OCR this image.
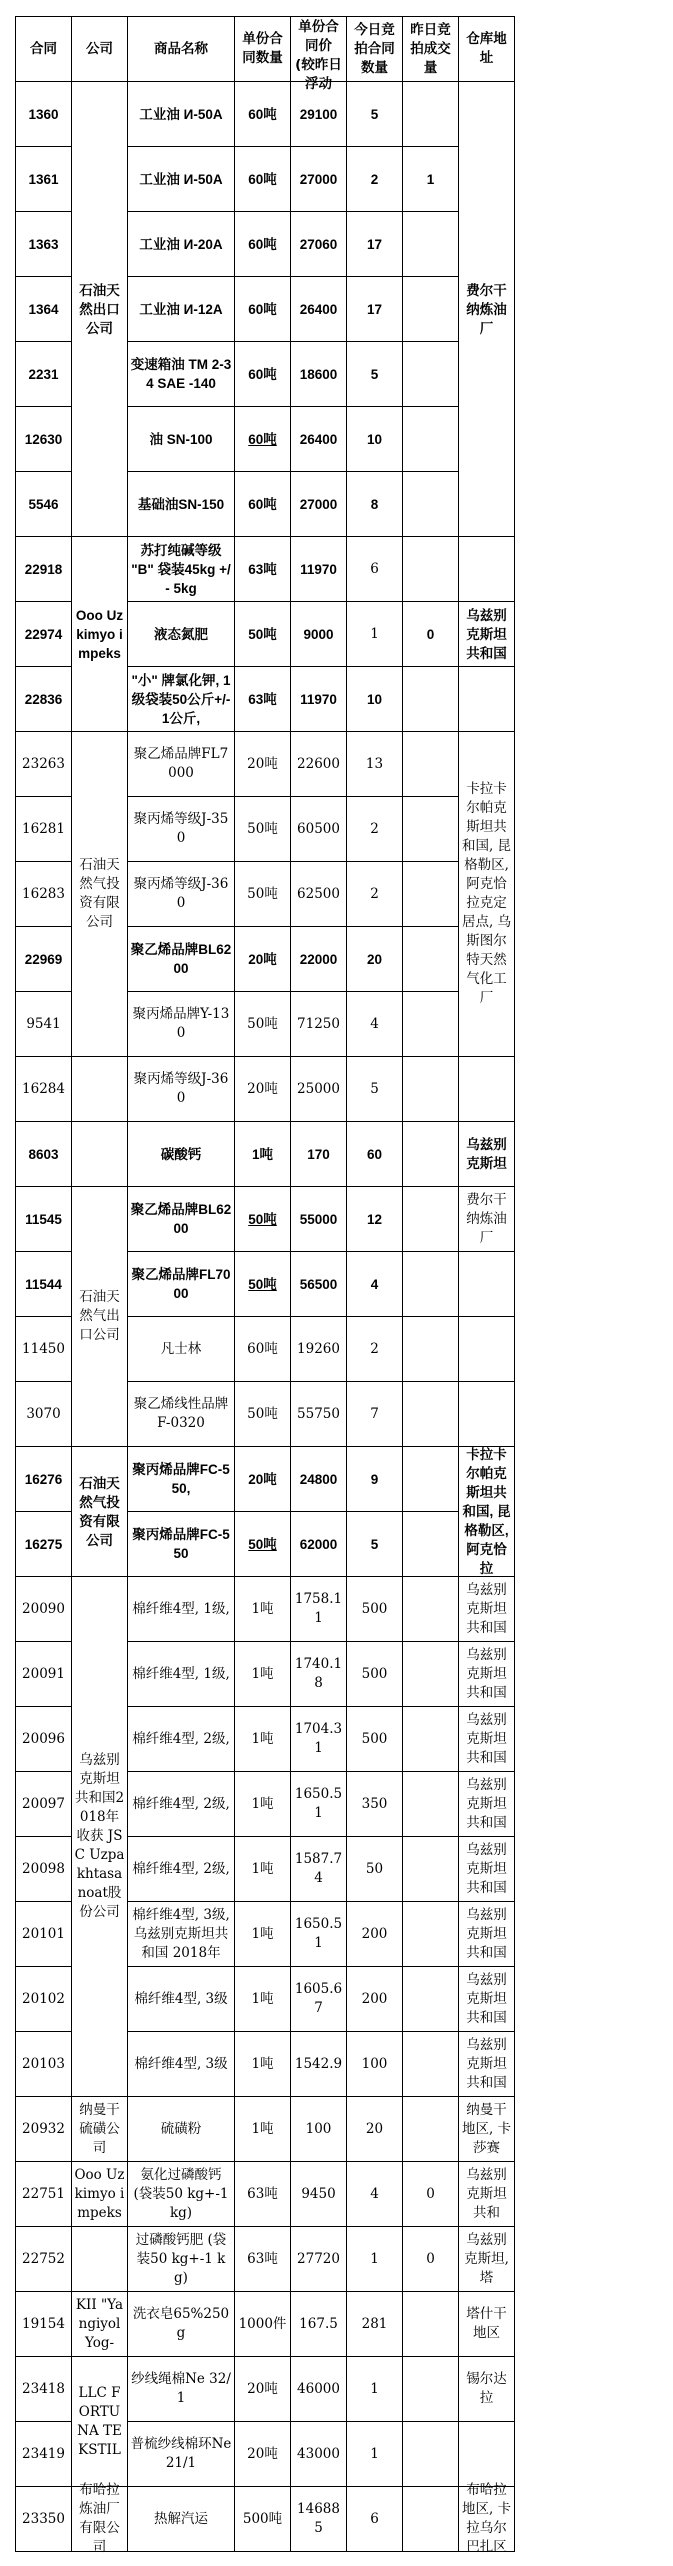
合同	公司	商品名称	单份合同数量	单份合同价 (较昨日浮动	今日竞拍合同数量	昨日竞拍成交量	仓库地址

1360	石油天然出口公司	工业油 И-50A	60吨	29100	5		费尔干纳炼油厂

1361		工业油 И-50A	60吨	27000	2	1	

1363		工业油 И-20A	60吨	27060	17		

1364		工业油 И-12A	60吨	26400	17		

2231		变速箱油 TM 2-34 SAE -140	60吨	18600	5		

12630		油 SN-100	60吨	26400	10		

5546		基础油SN-150	60吨	27000	8		

22918	Ooo Uzkimyo impeks	苏打纯碱等级 "B" 袋装45kg +/- 5kg	63吨	11970	6		

22974		液态氮肥	50吨	9000	1	0	乌兹别克斯坦共和国

22836		"小" 牌氯化钾, 1级袋装50公斤+/- 1公斤,	63吨	11970	10		

23263	石油天然气投资有限公司	聚乙烯品牌FL7000	20吨	22600	13		卡拉卡尔帕克斯坦共和国, 昆格勒区, 阿克恰拉克定居点, 乌斯图尔特天然气化工厂

16281		聚丙烯等级J-350	50吨	60500	2		

16283		聚丙烯等级J-360	50吨	62500	2		

22969		聚乙烯品牌BL6200	20吨	22000	20		

9541		聚丙烯品牌Y-130	50吨	71250	4		

16284		聚丙烯等级J-360	20吨	25000	5		

8603		碳酸钙	1吨	170	60		乌兹别克斯坦

11545	石油天然气出口公司	聚乙烯品牌BL6200	50吨	55000	12		费尔干纳炼油厂

11544		聚乙烯品牌FL7000	50吨	56500	4		

11450		凡士林	60吨	19260	2		

3070		聚乙烯线性品牌F-0320	50吨	55750	7		

16276	石油天然气投资有限公司	聚丙烯品牌FC-550,	20吨	24800	9		卡拉卡尔帕克斯坦共和国, 昆格勒区, 阿克恰拉

16275		聚丙烯品牌FC-550	50吨	62000	5		

20090	乌兹别克斯坦共和国2018年收获 JSC Uzpakhtasanoat股份公司	棉纤维4型, 1级,	1吨	1758.11	500		乌兹别克斯坦共和国

20091		棉纤维4型, 1级,	1吨	1740.18	500		乌兹别克斯坦共和国

20096		棉纤维4型, 2级,	1吨	1704.31	500		乌兹别克斯坦共和国

20097		棉纤维4型, 2级,	1吨	1650.51	350		乌兹别克斯坦共和国

20098		棉纤维4型, 2级,	1吨	1587.74	50		乌兹别克斯坦共和国

20101		棉纤维4型, 3级, 乌兹别克斯坦共和国 2018年	1吨	1650.51	200		乌兹别克斯坦共和国

20102		棉纤维4型, 3级	1吨	1605.67	200		乌兹别克斯坦共和国

20103		棉纤维4型, 3级	1吨	1542.9	100		乌兹别克斯坦共和国

20932	纳曼干硫磺公司	硫磺粉	1吨	100	20		纳曼干地区, 卡莎赛

22751	Ooo Uzkimyo impeks	氨化过磷酸钙 (袋装50 kg+-1 kg)	63吨	9450	4	0	乌兹别克斯坦共和

22752		过磷酸钙肥 (袋装50 kg+-1 kg)	63吨	27720	1	0	乌兹别克斯坦, 塔

19154	KII "Yangiyol Yog-	洗衣皂65%250g	1000件	167.5	281		塔什干地区

23418	LLC FORTUNA TEKSTIL	纱线绳棉Ne 32/1	20吨	46000	1		锡尔达拉

23419		普梳纱线棉环Ne 21/1	20吨	43000	1		

23350	布哈拉炼油厂有限公司	热解汽运	500吨	146885	6		布哈拉地区, 卡拉乌尔巴扎区
